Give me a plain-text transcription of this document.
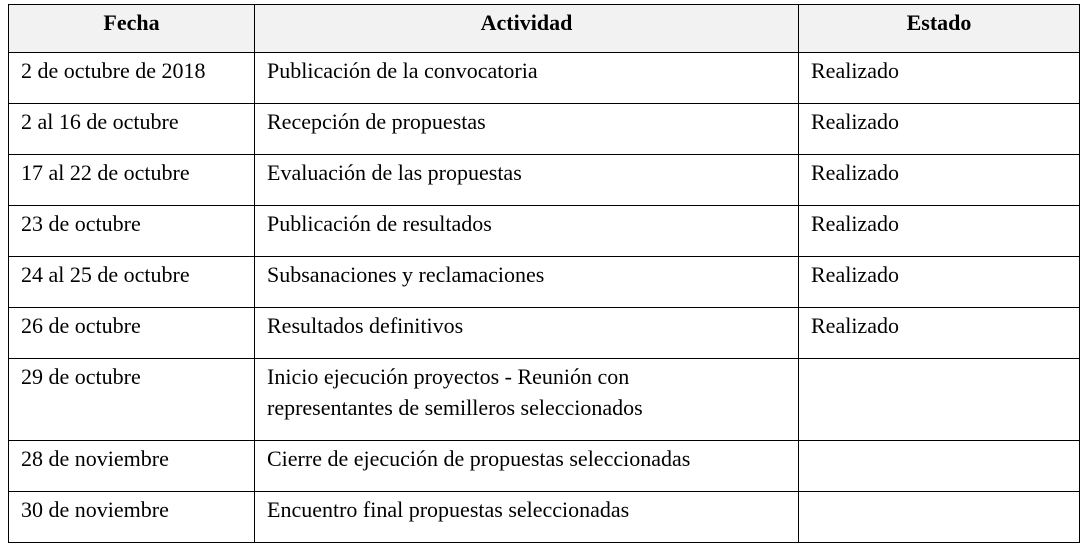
Fecha	Actividad	Estado
2 de octubre de 2018	Publicación de la convocatoria	Realizado
2 al 16 de octubre	Recepción de propuestas	Realizado
17 al 22 de octubre	Evaluación de las propuestas	Realizado
23 de octubre	Publicación de resultados	Realizado
24 al 25 de octubre	Subsanaciones y reclamaciones	Realizado
26 de octubre	Resultados definitivos	Realizado
29 de octubre	Inicio ejecución proyectos - Reunión con
representantes de semilleros seleccionados	

28 de noviembre	Cierre de ejecución de propuestas seleccionadas	
30 de noviembre	Encuentro final propuestas seleccionadas	
